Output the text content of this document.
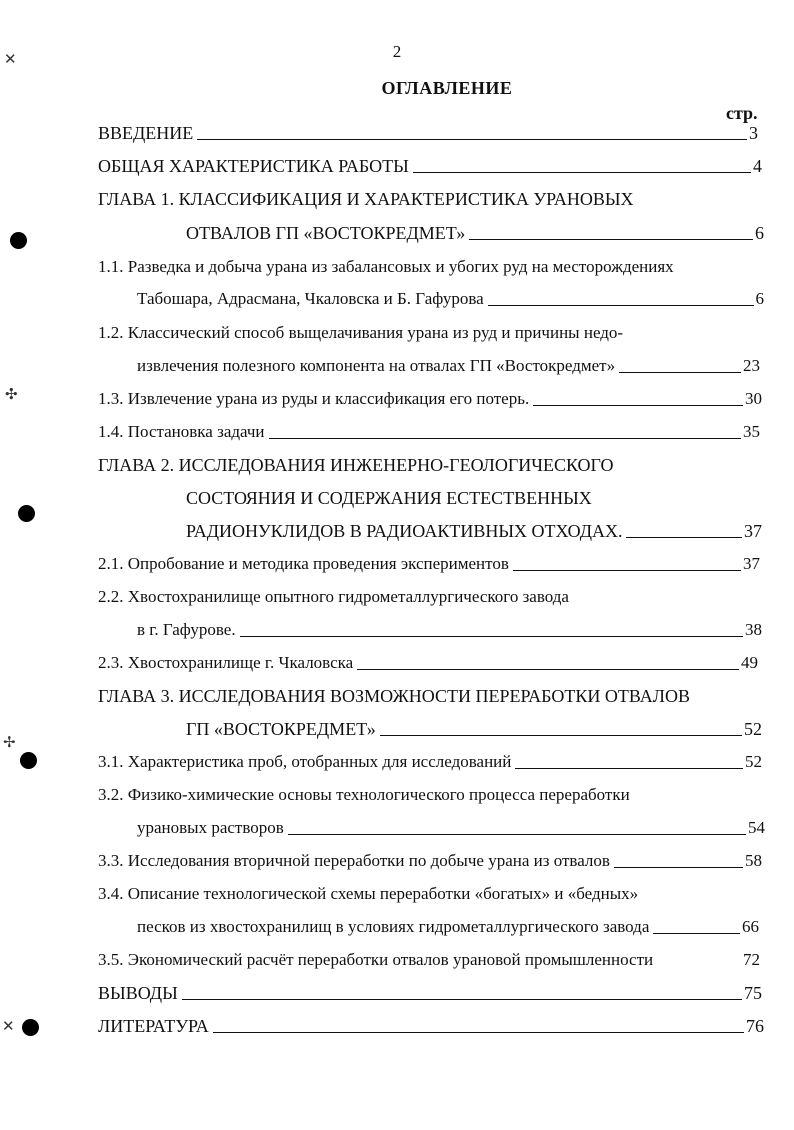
2
ОГЛАВЛЕНИЕ
стр.
ВВЕДЕНИЕ	3
ОБЩАЯ ХАРАКТЕРИСТИКА РАБОТЫ	4
ГЛАВА 1. КЛАССИФИКАЦИЯ И ХАРАКТЕРИСТИКА УРАНОВЫХ
ОТВАЛОВ ГП «ВОСТОКРЕДМЕТ»	6
1.1. Разведка и добыча урана из забалансовых и убогих руд на месторождениях
Табошара, Адрасмана, Чкаловска и Б. Гафурова	6
1.2. Классический способ выщелачивания урана из руд и причины недо-
извлечения полезного компонента на отвалах ГП «Востокредмет»	23
1.3. Извлечение урана из руды и классификация его потерь.	30
1.4. Постановка задачи	35
ГЛАВА 2. ИССЛЕДОВАНИЯ ИНЖЕНЕРНО-ГЕОЛОГИЧЕСКОГО
СОСТОЯНИЯ И СОДЕРЖАНИЯ ЕСТЕСТВЕННЫХ
РАДИОНУКЛИДОВ В РАДИОАКТИВНЫХ ОТХОДАХ.	37
2.1. Опробование и методика проведения экспериментов	37
2.2. Хвостохранилище опытного гидрометаллургического завода
в г. Гафурове.	38
2.3. Хвостохранилище г. Чкаловска	49
ГЛАВА 3. ИССЛЕДОВАНИЯ ВОЗМОЖНОСТИ ПЕРЕРАБОТКИ ОТВАЛОВ
ГП «ВОСТОКРЕДМЕТ»	52
3.1. Характеристика проб, отобранных для исследований	52
3.2. Физико-химические основы технологического процесса переработки
урановых растворов	54
3.3. Исследования вторичной переработки по добыче урана из отвалов	58
3.4. Описание технологической схемы переработки «богатых» и «бедных»
песков из хвостохранилищ в условиях гидрометаллургического завода	66
3.5. Экономический расчёт переработки отвалов урановой промышленности	72
ВЫВОДЫ	75
ЛИТЕРАТУРА	76
✕
✣
✢
✕
